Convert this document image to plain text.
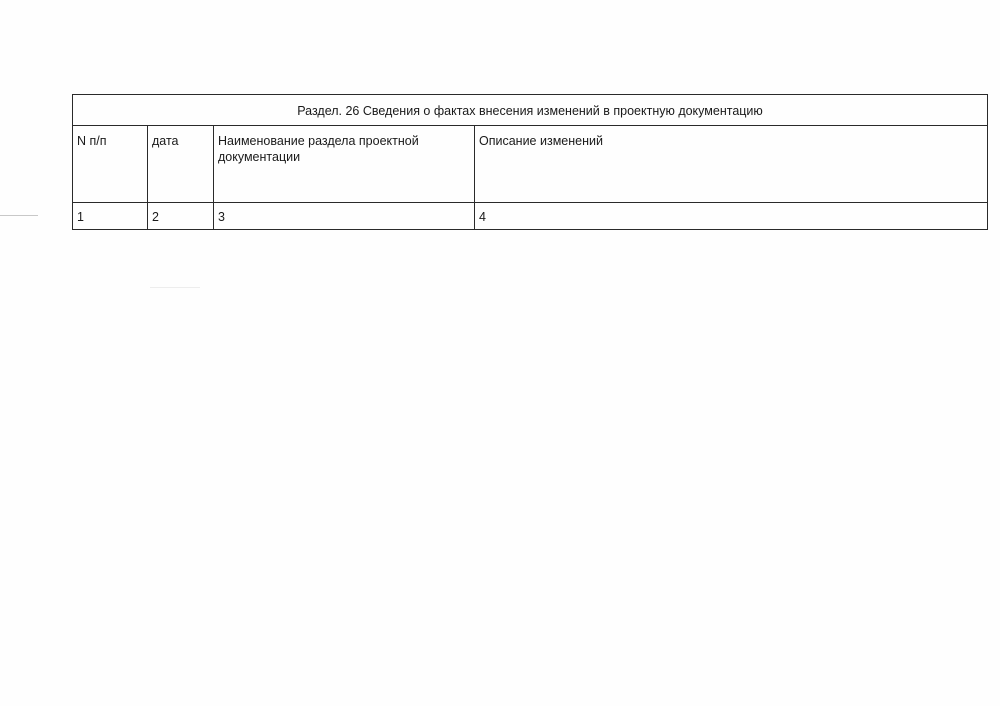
Раздел. 26 Сведения о фактах внесения изменений в проектную документацию			

N п/п	дата	Наименование раздела проектной документации	Описание изменений

1	2	3	4
